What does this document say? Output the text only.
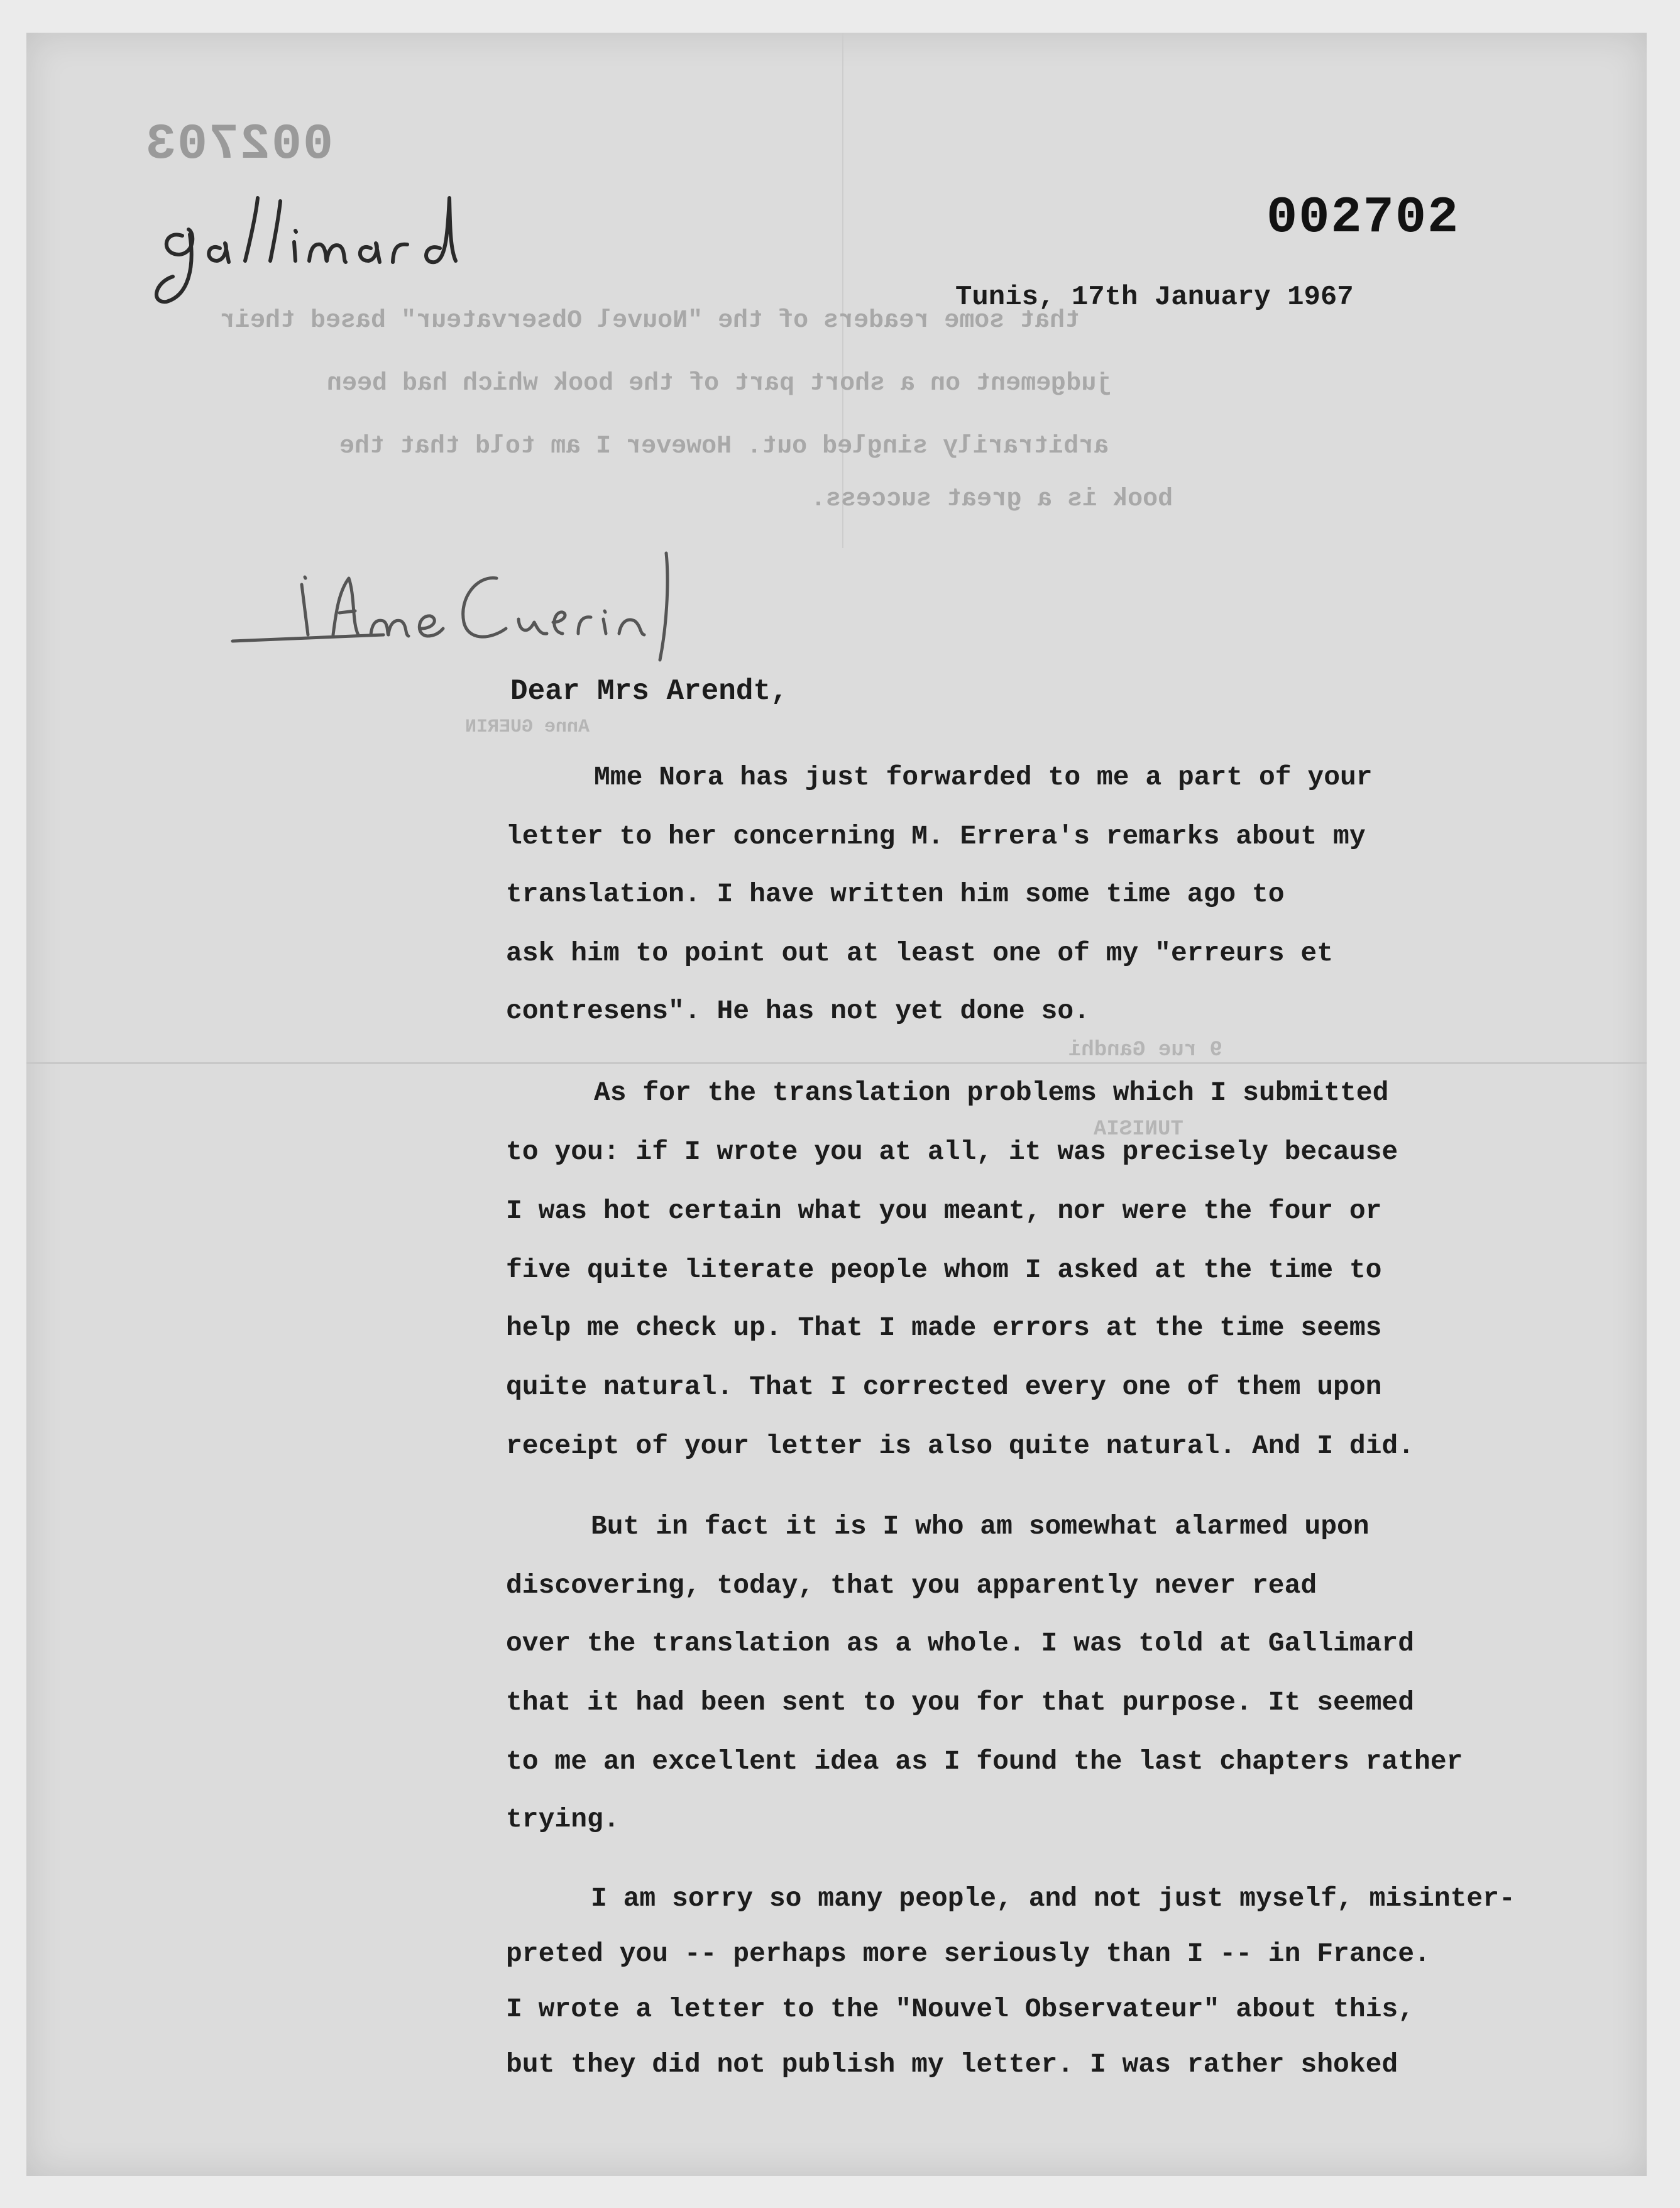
002703
that some readers of the "Nouvel Observateur" based their
judgement on a short part of the book which had been
arbitrarily singled out. However I am told that the
book is a great success.
Anne GUERIN
9 rue Gandhi
TUNISIA
002702
Tunis, 17th January 1967
Dear Mrs Arendt,
Mme Nora has just forwarded to me a part of your
letter to her concerning M. Errera's remarks about my
translation. I have written him some time ago to
ask him to point out at least one of my "erreurs et
contresens". He has not yet done so.
As for the translation problems which I submitted
to you: if I wrote you at all, it was precisely because
I was hot certain what you meant, nor were the four or
five quite literate people whom I asked at the time to
help me check up. That I made errors at the time seems
quite natural. That I corrected every one of them upon
receipt of your letter is also quite natural. And I did.
But in fact it is I who am somewhat alarmed upon
discovering, today, that you apparently never read
over the translation as a whole. I was told at Gallimard
that it had been sent to you for that purpose. It seemed
to me an excellent idea as I found the last chapters rather
trying.
I am sorry so many people, and not just myself, misinter-
preted you -- perhaps more seriously than I -- in France.
I wrote a letter to the "Nouvel Observateur" about this,
but they did not publish my letter. I was rather shoked
